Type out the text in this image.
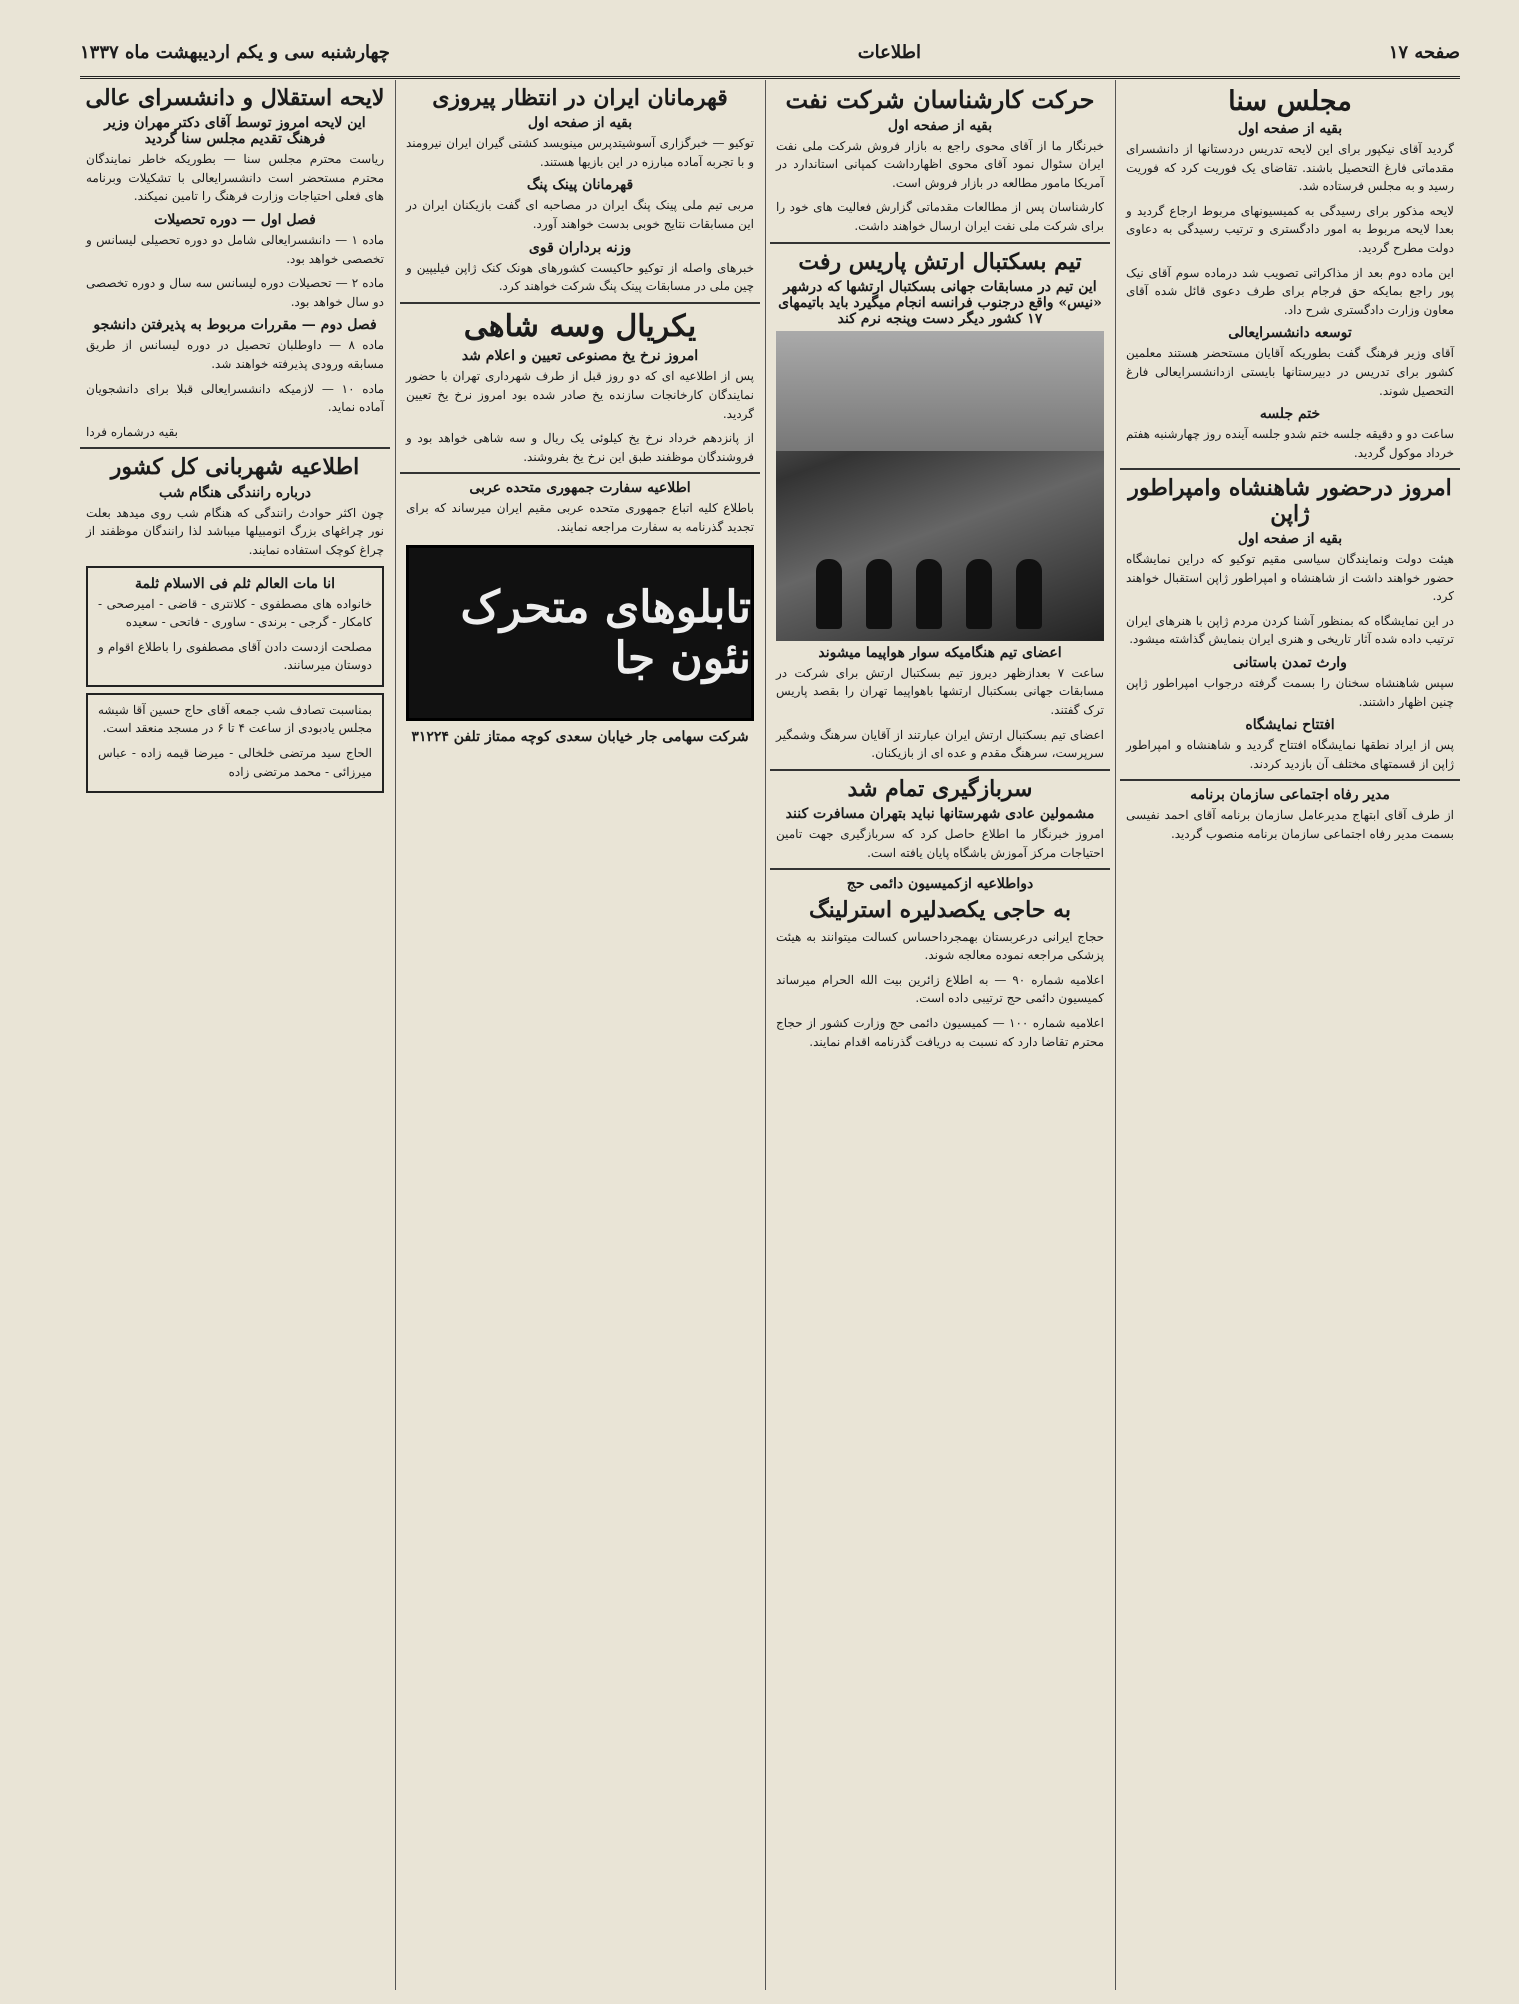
صفحه ۱۷
اطلاعات
چهارشنبه سی و یکم اردیبهشت ماه ۱۳۳۷
مجلس سنا
بقیه از صفحه اول

گردید آقای نیکپور برای این لایحه تدریس دردستانها از دانشسرای مقدماتی فارغ التحصیل باشند. تقاضای یک فوریت کرد که فوریت رسید و به مجلس فرستاده شد.

لایحه مذکور برای رسیدگی به کمیسیونهای مربوط ارجاع گردید و بعدا لایحه مربوط به امور دادگستری و ترتیب رسیدگی به دعاوی دولت مطرح گردید.

این ماده دوم بعد از مذاکراتی تصویب شد درماده سوم آقای نیک پور راجع بمایکه حق فرجام برای طرف دعوی قائل شده آقای معاون وزارت دادگستری شرح داد.

توسعه دانشسرایعالی

آقای وزیر فرهنگ گفت بطوریکه آقایان مستحضر هستند معلمین کشور برای تدریس در دبیرستانها بایستی ازدانشسرایعالی فارغ التحصیل شوند.

ختم جلسه

ساعت دو و دقیقه جلسه ختم شدو جلسه آینده روز چهارشنبه هفتم خرداد موکول گردید.

امروز درحضور شاهنشاه وامپراطور ژاپن
بقیه از صفحه اول

هیئت دولت ونمایندگان سیاسی مقیم توکیو که دراین نمایشگاه حضور خواهند داشت از شاهنشاه و امپراطور ژاپن استقبال خواهند کرد.

در این نمایشگاه که بمنظور آشنا کردن مردم ژاپن با هنرهای ایران ترتیب داده شده آثار تاریخی و هنری ایران بنمایش گذاشته میشود.

وارث تمدن باستانی

سپس شاهنشاه سخنان را بسمت گرفته درجواب امپراطور ژاپن چنین اظهار داشتند.

افتتاح نمایشگاه

پس از ایراد نطقها نمایشگاه افتتاح گردید و شاهنشاه و امپراطور ژاپن از قسمتهای مختلف آن بازدید کردند.

مدیر رفاه اجتماعی سازمان برنامه

از طرف آقای ابتهاج مدیرعامل سازمان برنامه آقای احمد نفیسی بسمت مدیر رفاه اجتماعی سازمان برنامه منصوب گردید.

حرکت کارشناسان شرکت نفت
بقیه از صفحه اول

خبرنگار ما از آقای محوی راجع به بازار فروش شرکت ملی نفت ایران سئوال نمود آقای محوی اظهارداشت کمپانی استاندارد در آمریکا مامور مطالعه در بازار فروش است.

کارشناسان پس از مطالعات مقدماتی گزارش فعالیت های خود را برای شرکت ملی نفت ایران ارسال خواهند داشت.

تیم بسکتبال ارتش پاریس رفت
این تیم در مسابقات جهانی بسکتبال ارتشها که درشهر «نیس» واقع درجنوب فرانسه انجام میگیرد باید باتیمهای ۱۷ کشور دیگر دست وپنجه نرم کند
اعضای تیم هنگامیکه سوار هواپیما میشوند

ساعت ۷ بعدازظهر دیروز تیم بسکتبال ارتش برای شرکت در مسابقات جهانی بسکتبال ارتشها باهواپیما تهران را بقصد پاریس ترک گفتند.

اعضای تیم بسکتبال ارتش ایران عبارتند از آقایان سرهنگ وشمگیر سرپرست، سرهنگ مقدم و عده ای از بازیکنان.

سربازگیری تمام شد
مشمولین عادی شهرستانها نباید بتهران مسافرت کنند

امروز خبرنگار ما اطلاع حاصل کرد که سربازگیری جهت تامین احتیاجات مرکز آموزش باشگاه پایان یافته است.

دواطلاعیه ازکمیسیون دائمی حج
به حاجی یکصدلیره استرلینگ

حجاج ایرانی درعربستان بهمجرداحساس کسالت میتوانند به هیئت پزشکی مراجعه نموده معالجه شوند.

اعلامیه شماره ۹۰ — به اطلاع زائرین بیت الله الحرام میرساند کمیسیون دائمی حج ترتیبی داده است.

اعلامیه شماره ۱۰۰ — کمیسیون دائمی حج وزارت کشور از حجاج محترم تقاضا دارد که نسبت به دریافت گذرنامه اقدام نمایند.

قهرمانان ایران در انتظار پیروزی
بقیه از صفحه اول

توکیو — خبرگزاری آسوشیتدپرس مینویسد کشتی گیران ایران نیرومند و با تجربه آماده مبارزه در این بازیها هستند.

قهرمانان پینک پنگ

مربی تیم ملی پینک پنگ ایران در مصاحبه ای گفت بازیکنان ایران در این مسابقات نتایج خوبی بدست خواهند آورد.

وزنه برداران قوی

خبرهای واصله از توکیو حاکیست کشورهای هونک کنک ژاپن فیلیپین و چین ملی در مسابقات پینک پنگ شرکت خواهند کرد.

یکریال وسه شاهی
امروز نرخ یخ مصنوعی تعیین و اعلام شد

پس از اطلاعیه ای که دو روز قبل از طرف شهرداری تهران با حضور نمایندگان کارخانجات سازنده یخ صادر شده بود امروز نرخ یخ تعیین گردید.

از پانزدهم خرداد نرخ یخ کیلوئی یک ریال و سه شاهی خواهد بود و فروشندگان موظفند طبق این نرخ یخ بفروشند.

اطلاعیه سفارت جمهوری متحده عربی

باطلاع کلیه اتباع جمهوری متحده عربی مقیم ایران میرساند که برای تجدید گذرنامه به سفارت مراجعه نمایند.

تابلوهای متحرک نئون جا
شرکت سهامی جار خیابان سعدی کوچه ممتاز تلفن ۳۱۲۲۴
لایحه استقلال و دانشسرای عالی
این لایحه امروز توسط آقای دکتر مهران وزیر فرهنگ تقدیم مجلس سنا گردید

ریاست محترم مجلس سنا — بطوریکه خاطر نمایندگان محترم مستحضر است دانشسرایعالی با تشکیلات وبرنامه های فعلی احتیاجات وزارت فرهنگ را تامین نمیکند.

فصل اول — دوره تحصیلات

ماده ۱ — دانشسرایعالی شامل دو دوره تحصیلی لیسانس و تخصصی خواهد بود.

ماده ۲ — تحصیلات دوره لیسانس سه سال و دوره تخصصی دو سال خواهد بود.

فصل دوم — مقررات مربوط به پذیرفتن دانشجو

ماده ۸ — داوطلبان تحصیل در دوره لیسانس از طریق مسابقه ورودی پذیرفته خواهند شد.

ماده ۱۰ — لازمیکه دانشسرایعالی قبلا برای دانشجویان آماده نماید.

بقیه درشماره فردا

اطلاعیه شهربانی کل کشور
درباره رانندگی هنگام شب

چون اکثر حوادث رانندگی که هنگام شب روی میدهد بعلت نور چراغهای بزرگ اتومبیلها میباشد لذا رانندگان موظفند از چراغ کوچک استفاده نمایند.

انا مات العالم ثلم فی الاسلام ثلمة

خانواده های مصطفوی - کلانتری - قاضی - امیرصحی - کامکار - گرجی - برندی - ساوری - فاتحی - سعیده

مصلحت ازدست دادن آقای مصطفوی را باطلاع اقوام و دوستان میرسانند.

بمناسبت تصادف شب جمعه آقای حاج حسین آقا شیشه مجلس یادبودی از ساعت ۴ تا ۶ در مسجد منعقد است.

الحاج سید مرتضی خلخالی - میرضا قیمه زاده - عباس میرزائی - محمد مرتضی زاده
